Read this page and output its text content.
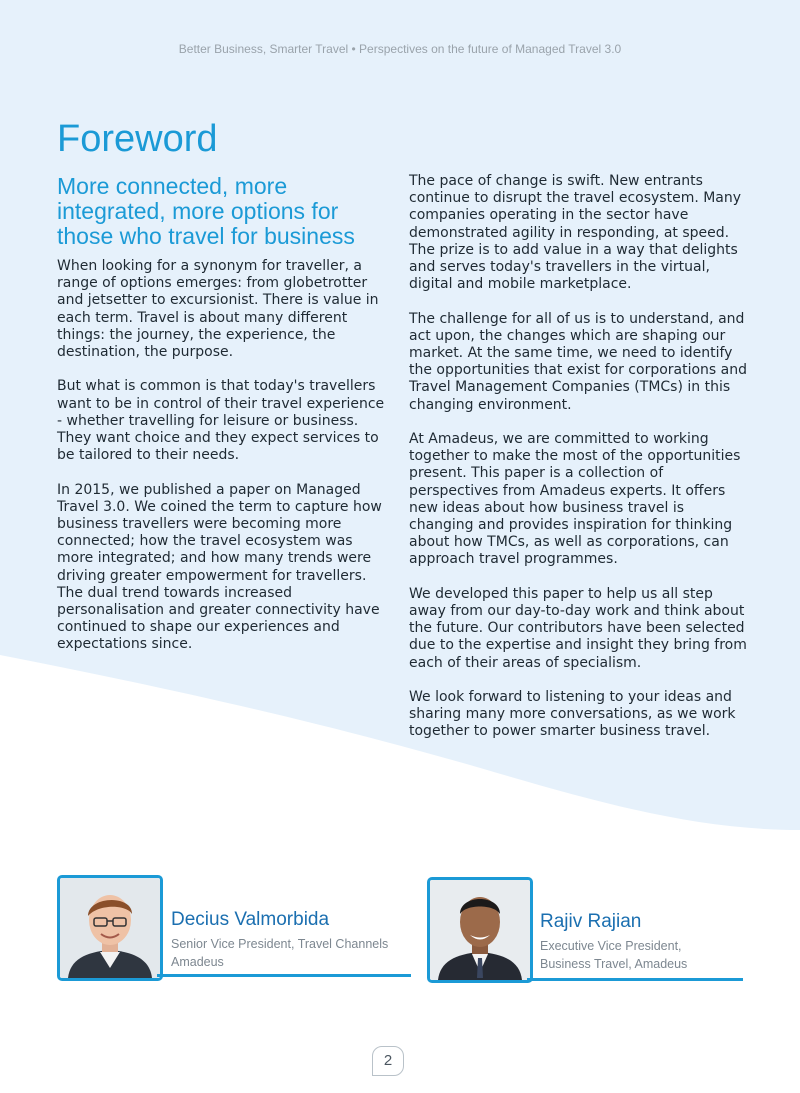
Better Business, Smarter Travel • Perspectives on the future of Managed Travel 3.0
Foreword
More connected, more integrated, more options for those who travel for business

When looking for a synonym for traveller, a range of options emerges: from globetrotter and jetsetter to excursionist. There is value in each term. Travel is about many different things: the journey, the experience, the destination, the purpose.

But what is common is that today's travellers want to be in control of their travel experience - whether travelling for leisure or business. They want choice and they expect services to be tailored to their needs.

In 2015, we published a paper on Managed Travel 3.0. We coined the term to capture how business travellers were becoming more connected; how the travel ecosystem was more integrated; and how many trends were driving greater empowerment for travellers. The dual trend towards increased personalisation and greater connectivity have continued to shape our experiences and expectations since.

The pace of change is swift. New entrants continue to disrupt the travel ecosystem. Many companies operating in the sector have demonstrated agility in responding, at speed. The prize is to add value in a way that delights and serves today's travellers in the virtual, digital and mobile marketplace.

The challenge for all of us is to understand, and act upon, the changes which are shaping our market. At the same time, we need to identify the opportunities that exist for corporations and Travel Management Companies (TMCs) in this changing environment.

At Amadeus, we are committed to working together to make the most of the opportunities present. This paper is a collection of perspectives from Amadeus experts. It offers new ideas about how business travel is changing and provides inspiration for thinking about how TMCs, as well as corporations, can approach travel programmes.

We developed this paper to help us all step away from our day-to-day work and think about the future. Our contributors have been selected due to the expertise and insight they bring from each of their areas of specialism.

We look forward to listening to your ideas and sharing many more conversations, as we work together to power smarter business travel.

Decius Valmorbida
Senior Vice President, Travel Channels
Amadeus
Rajiv Rajian
Executive Vice President,
Business Travel, Amadeus
2
